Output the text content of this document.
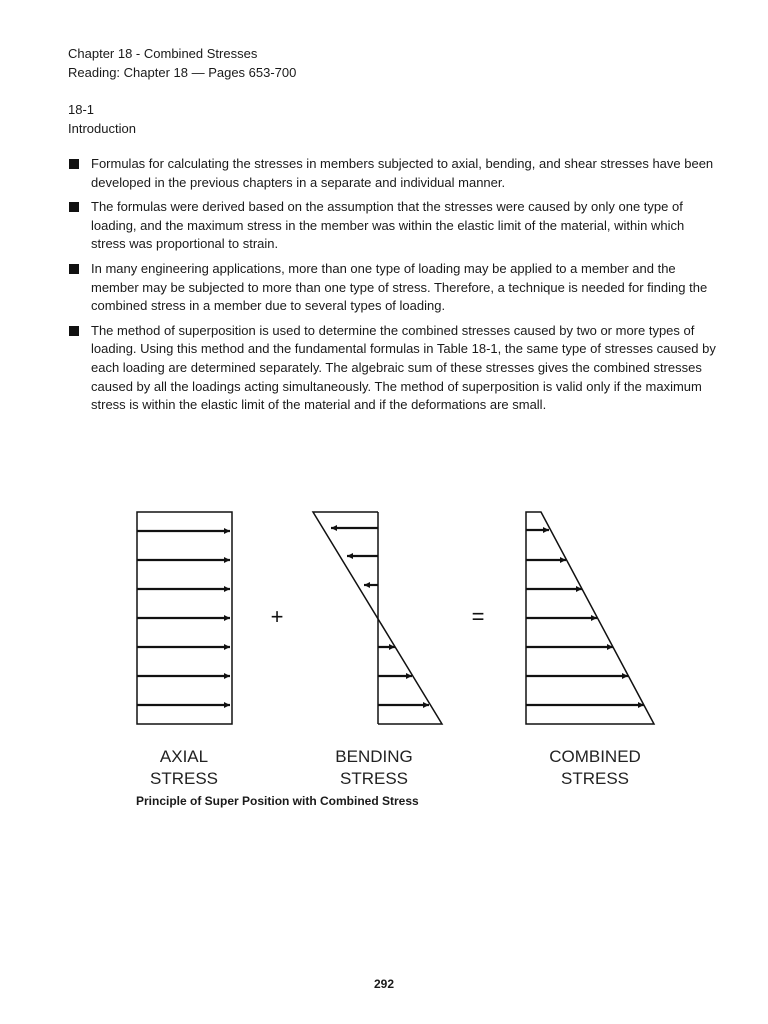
Chapter 18 - Combined Stresses
Reading: Chapter 18 — Pages 653-700
18-1
Introduction
Formulas for calculating the stresses in members subjected to axial, bending, and shear stresses have been developed in the previous chapters in a separate and individual manner.
The formulas were derived based on the assumption that the stresses were caused by only one type of loading, and the maximum stress in the member was within the elastic limit of the material, within which stress was proportional to strain.
In many engineering applications, more than one type of loading may be applied to a member and the member may be subjected to more than one type of stress. Therefore, a technique is needed for finding the combined stress in a member due to several types of loading.
The method of superposition is used to determine the combined stresses caused by two or more types of loading. Using this method and the fundamental formulas in Table 18-1, the same type of stresses caused by each loading are determined separately. The algebraic sum of these stresses gives the combined stresses caused by all the loadings acting simultaneously. The method of superposition is valid only if the maximum stress is within the elastic limit of the material and if the deformations are small.
AXIAL
STRESS
+
BENDING
STRESS
=
COMBINED
STRESS
Principle of Super Position with Combined Stress
292
